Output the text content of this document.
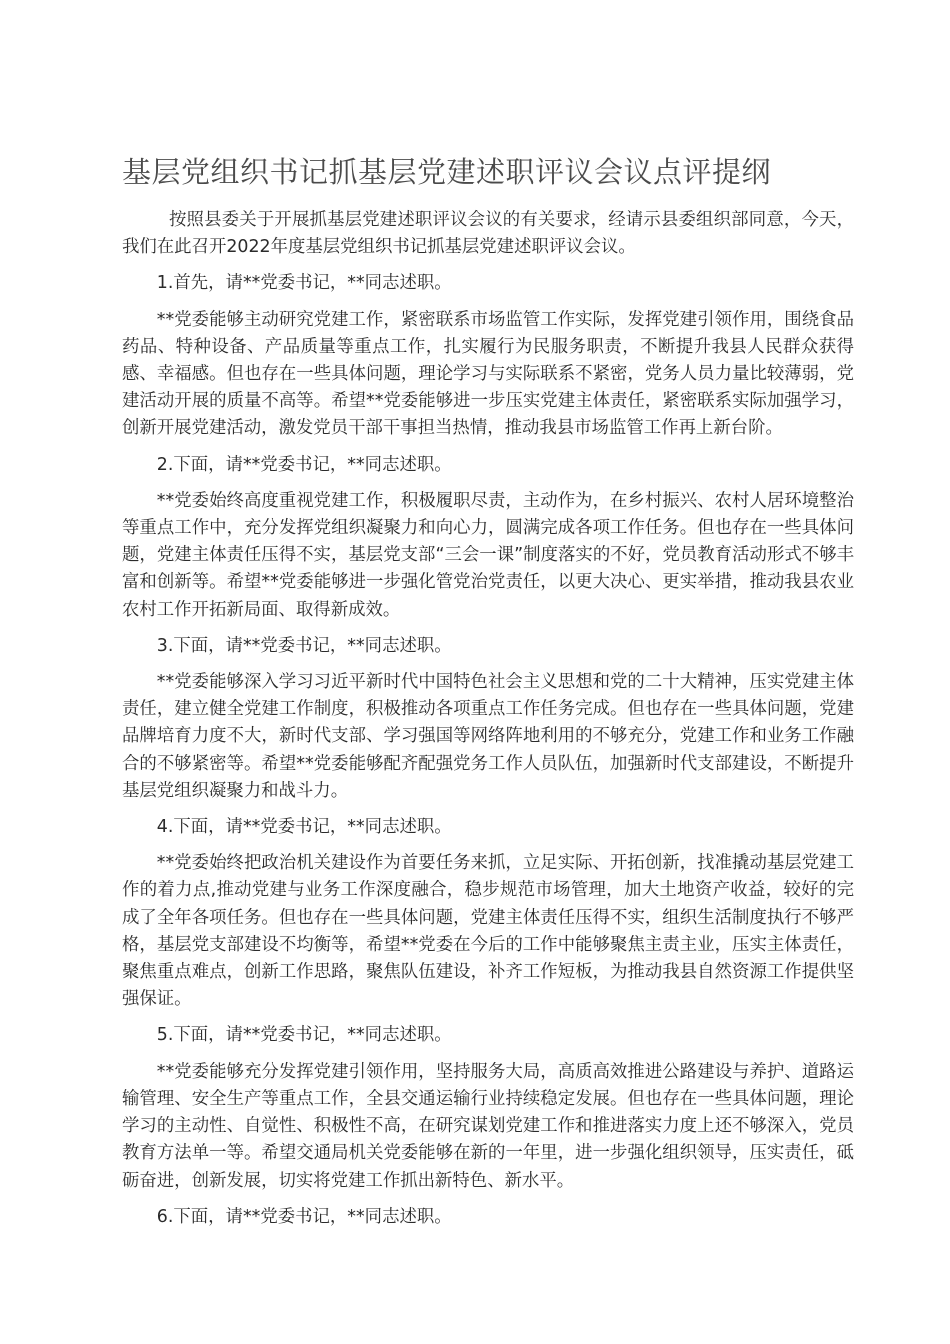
基层党组织书记抓基层党建述职评议会议点评提纲

按照县委关于开展抓基层党建述职评议会议的有关要求，经请示县委组织部同意，今天，我们在此召开2022年度基层党组织书记抓基层党建述职评议会议。

1.首先，请**党委书记，**同志述职。

**党委能够主动研究党建工作，紧密联系市场监管工作实际，发挥党建引领作用，围绕食品药品、特种设备、产品质量等重点工作，扎实履行为民服务职责，不断提升我县人民群众获得感、幸福感。但也存在一些具体问题，理论学习与实际联系不紧密，党务人员力量比较薄弱，党建活动开展的质量不高等。希望**党委能够进一步压实党建主体责任，紧密联系实际加强学习，创新开展党建活动，激发党员干部干事担当热情，推动我县市场监管工作再上新台阶。

2.下面，请**党委书记，**同志述职。

**党委始终高度重视党建工作，积极履职尽责，主动作为，在乡村振兴、农村人居环境整治等重点工作中，充分发挥党组织凝聚力和向心力，圆满完成各项工作任务。但也存在一些具体问题，党建主体责任压得不实，基层党支部“三会一课”制度落实的不好，党员教育活动形式不够丰富和创新等。希望**党委能够进一步强化管党治党责任，以更大决心、更实举措，推动我县农业农村工作开拓新局面、取得新成效。

3.下面，请**党委书记，**同志述职。

**党委能够深入学习习近平新时代中国特色社会主义思想和党的二十大精神，压实党建主体责任，建立健全党建工作制度，积极推动各项重点工作任务完成。但也存在一些具体问题，党建品牌培育力度不大，新时代支部、学习强国等网络阵地利用的不够充分，党建工作和业务工作融合的不够紧密等。希望**党委能够配齐配强党务工作人员队伍，加强新时代支部建设，不断提升基层党组织凝聚力和战斗力。

4.下面，请**党委书记，**同志述职。

**党委始终把政治机关建设作为首要任务来抓，立足实际、开拓创新，找准撬动基层党建工作的着力点,推动党建与业务工作深度融合，稳步规范市场管理，加大土地资产收益，较好的完成了全年各项任务。但也存在一些具体问题，党建主体责任压得不实，组织生活制度执行不够严格，基层党支部建设不均衡等，希望**党委在今后的工作中能够聚焦主责主业，压实主体责任，聚焦重点难点，创新工作思路，聚焦队伍建设，补齐工作短板，为推动我县自然资源工作提供坚强保证。

5.下面，请**党委书记，**同志述职。

**党委能够充分发挥党建引领作用，坚持服务大局，高质高效推进公路建设与养护、道路运输管理、安全生产等重点工作，全县交通运输行业持续稳定发展。但也存在一些具体问题，理论学习的主动性、自觉性、积极性不高，在研究谋划党建工作和推进落实力度上还不够深入，党员教育方法单一等。希望交通局机关党委能够在新的一年里，进一步强化组织领导，压实责任，砥砺奋进，创新发展，切实将党建工作抓出新特色、新水平。

6.下面，请**党委书记，**同志述职。
